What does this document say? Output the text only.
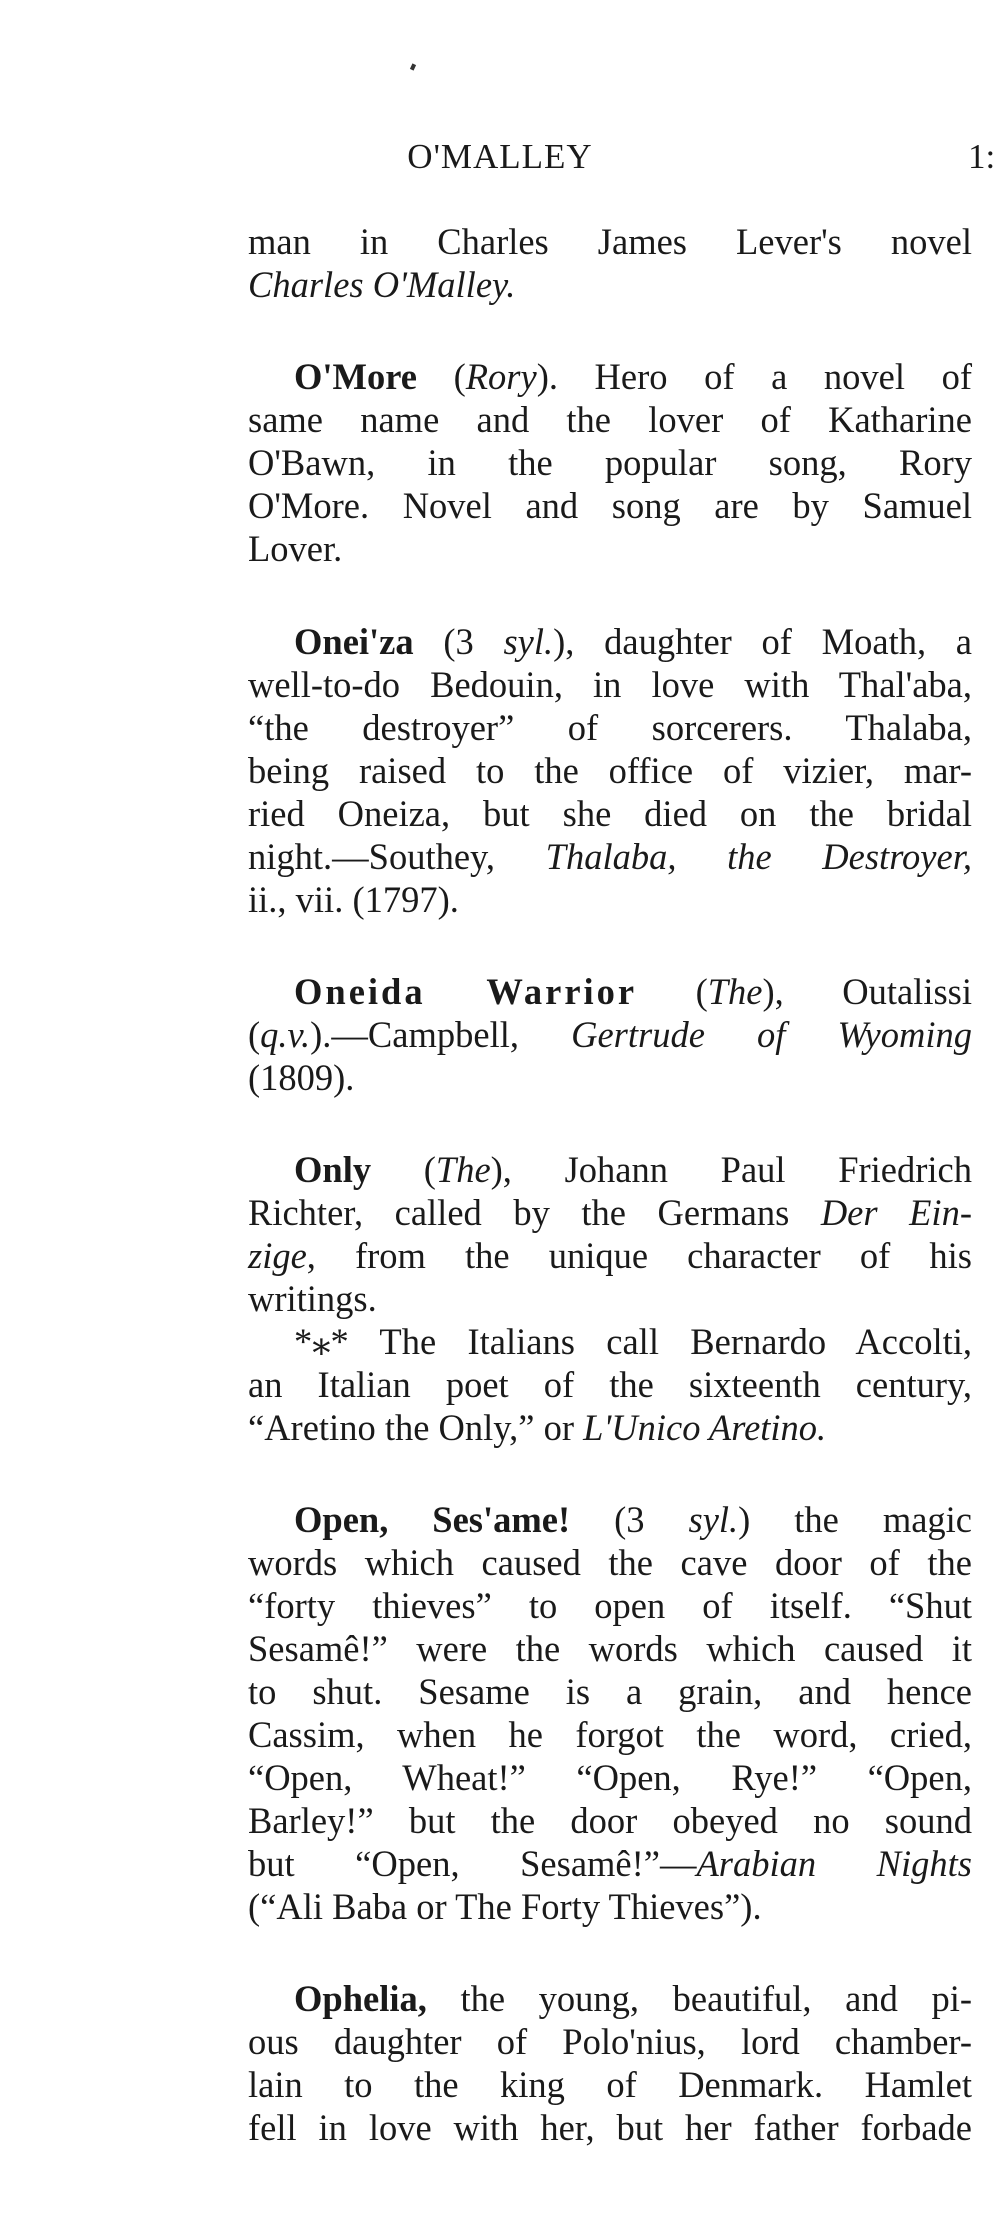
O'MALLEY	1:
man in Charles James Lever's novel
Charles O'Malley.
O'More (Rory). Hero of a novel of
same name and the lover of Katharine
O'Bawn, in the popular song, Rory
O'More. Novel and song are by Samuel
Lover.
Onei'za (3 syl.), daughter of Moath, a
well-to-do Bedouin, in love with Thal'aba,
“the destroyer” of sorcerers. Thalaba,
being raised to the office of vizier, mar-
ried Oneiza, but she died on the bridal
night.—Southey, Thalaba, the Destroyer,
ii., vii. (1797).
Oneida Warrior (The), Outalissi
(q.v.).—Campbell, Gertrude of Wyoming
(1809).
Only (The), Johann Paul Friedrich
Richter, called by the Germans Der Ein-
zige, from the unique character of his
writings.
*⁎* The Italians call Bernardo Accolti,
an Italian poet of the sixteenth century,
“Aretino the Only,” or L'Unico Aretino.
Open, Ses'ame! (3 syl.) the magic
words which caused the cave door of the
“forty thieves” to open of itself. “Shut
Sesamê!” were the words which caused it
to shut. Sesame is a grain, and hence
Cassim, when he forgot the word, cried,
“Open, Wheat!” “Open, Rye!” “Open,
Barley!” but the door obeyed no sound
but “Open, Sesamê!”—Arabian Nights
(“Ali Baba or The Forty Thieves”).
Ophelia, the young, beautiful, and pi-
ous daughter of Polo'nius, lord chamber-
lain to the king of Denmark. Hamlet
fell in love with her, but her father forbade
